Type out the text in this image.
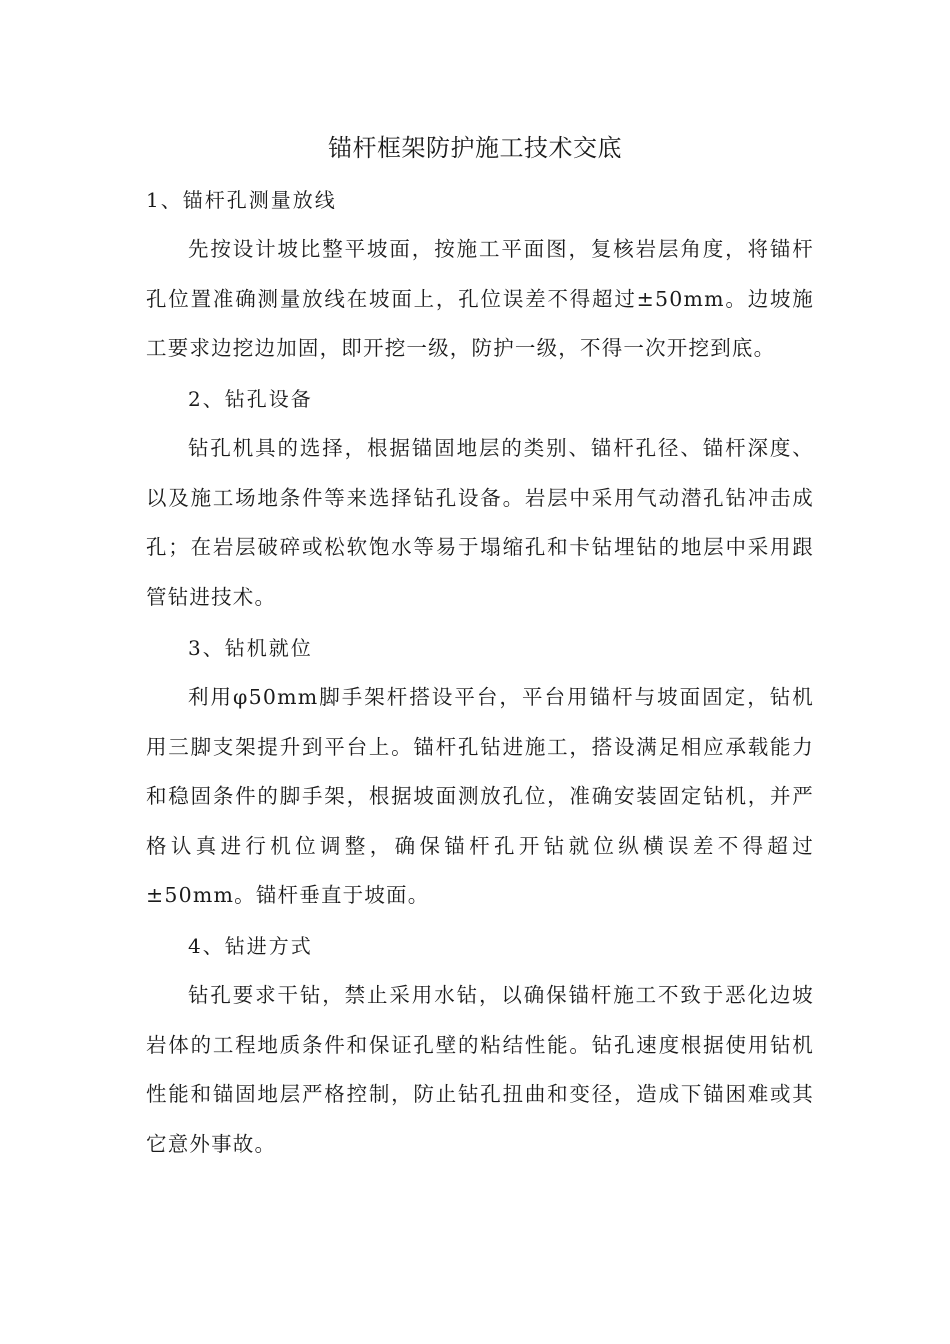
锚杆框架防护施工技术交底
1、锚杆孔测量放线

先按设计坡比整平坡面，按施工平面图，复核岩层角度，将锚杆孔位置准确测量放线在坡面上，孔位误差不得超过±50mm。边坡施工要求边挖边加固，即开挖一级，防护一级，不得一次开挖到底。

2、钻孔设备

钻孔机具的选择，根据锚固地层的类别、锚杆孔径、锚杆深度、以及施工场地条件等来选择钻孔设备。岩层中采用气动潜孔钻冲击成孔；在岩层破碎或松软饱水等易于塌缩孔和卡钻埋钻的地层中采用跟管钻进技术。

3、钻机就位

利用φ50mm脚手架杆搭设平台，平台用锚杆与坡面固定，钻机用三脚支架提升到平台上。锚杆孔钻进施工，搭设满足相应承载能力和稳固条件的脚手架，根据坡面测放孔位，准确安装固定钻机，并严格认真进行机位调整，确保锚杆孔开钻就位纵横误差不得超过±50mm。锚杆垂直于坡面。

4、钻进方式

钻孔要求干钻，禁止采用水钻，以确保锚杆施工不致于恶化边坡岩体的工程地质条件和保证孔壁的粘结性能。钻孔速度根据使用钻机性能和锚固地层严格控制，防止钻孔扭曲和变径，造成下锚困难或其它意外事故。
